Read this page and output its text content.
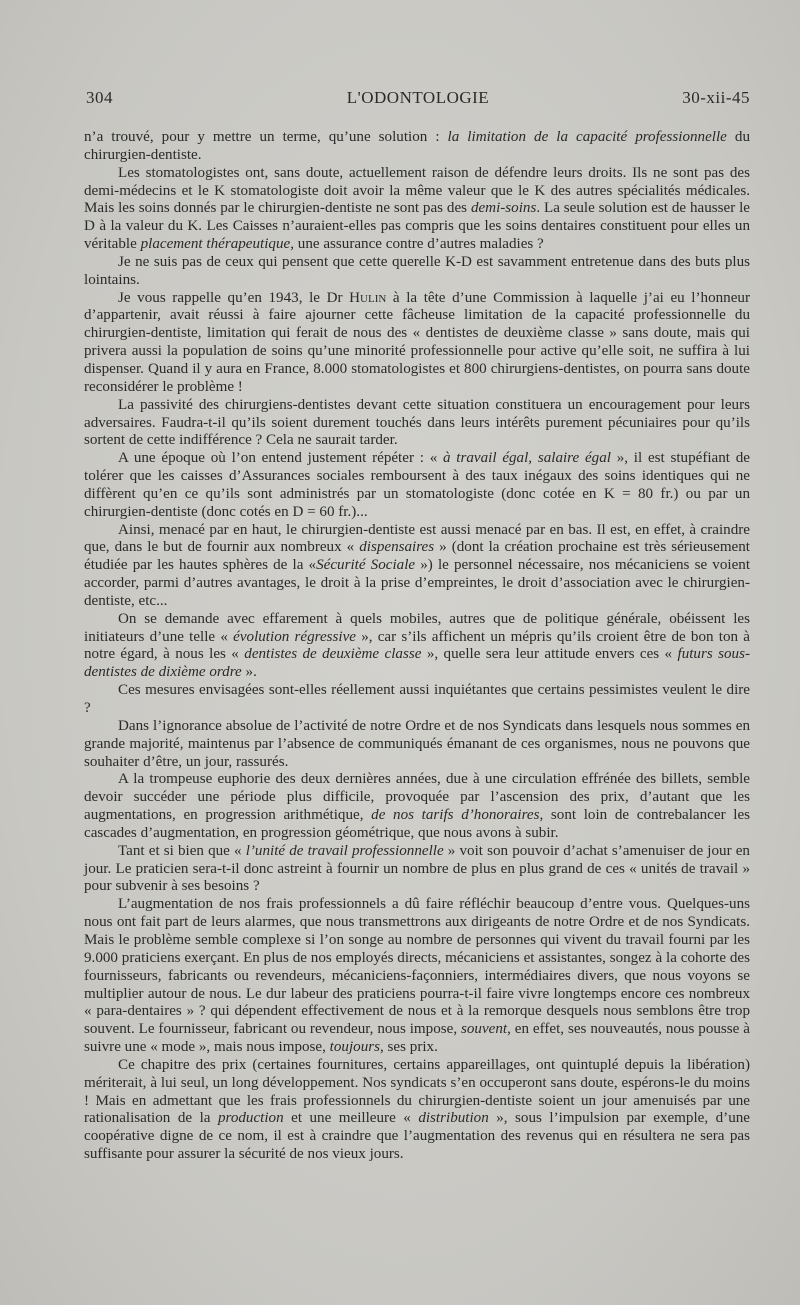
304	L'ODONTOLOGIE	30-xii-45

n’a trouvé, pour y mettre un terme, qu’une solution : la limitation de la capacité professionnelle du chirurgien-dentiste.

Les stomatologistes ont, sans doute, actuellement raison de défendre leurs droits. Ils ne sont pas des demi-médecins et le K stomatologiste doit avoir la même valeur que le K des autres spécialités médicales. Mais les soins donnés par le chirurgien-dentiste ne sont pas des demi-soins. La seule solution est de hausser le D à la valeur du K. Les Caisses n’auraient-elles pas compris que les soins dentaires constituent pour elles un véritable placement thérapeutique, une assurance contre d’autres maladies ?

Je ne suis pas de ceux qui pensent que cette querelle K-D est savamment entretenue dans des buts plus lointains.

Je vous rappelle qu’en 1943, le Dr Hulin à la tête d’une Commission à laquelle j’ai eu l’honneur d’appartenir, avait réussi à faire ajourner cette fâcheuse limitation de la capacité professionnelle du chirurgien-dentiste, limitation qui ferait de nous des « dentistes de deuxième classe » sans doute, mais qui privera aussi la population de soins qu’une minorité professionnelle pour active qu’elle soit, ne suffira à lui dispenser. Quand il y aura en France, 8.000 stomatologistes et 800 chirurgiens-dentistes, on pourra sans doute reconsidérer le problème !

La passivité des chirurgiens-dentistes devant cette situation constituera un encouragement pour leurs adversaires. Faudra-t-il qu’ils soient durement touchés dans leurs intérêts purement pécuniaires pour qu’ils sortent de cette indifférence ? Cela ne saurait tarder.

A une époque où l’on entend justement répéter : « à travail égal, salaire égal », il est stupéfiant de tolérer que les caisses d’Assurances sociales remboursent à des taux inégaux des soins identiques qui ne diffèrent qu’en ce qu’ils sont administrés par un stomatologiste (donc cotée en K = 80 fr.) ou par un chirurgien-dentiste (donc cotés en D = 60 fr.)...

Ainsi, menacé par en haut, le chirurgien-dentiste est aussi menacé par en bas. Il est, en effet, à craindre que, dans le but de fournir aux nombreux « dispensaires » (dont la création prochaine est très sérieusement étudiée par les hautes sphères de la «Sécurité Sociale ») le personnel nécessaire, nos mécaniciens se voient accorder, parmi d’autres avantages, le droit à la prise d’empreintes, le droit d’association avec le chirurgien-dentiste, etc...

On se demande avec effarement à quels mobiles, autres que de politique générale, obéissent les initiateurs d’une telle « évolution régressive », car s’ils affichent un mépris qu’ils croient être de bon ton à notre égard, à nous les « dentistes de deuxième classe », quelle sera leur attitude envers ces « futurs sous-dentistes de dixième ordre ».

Ces mesures envisagées sont-elles réellement aussi inquiétantes que certains pessimistes veulent le dire ?

Dans l’ignorance absolue de l’activité de notre Ordre et de nos Syndicats dans lesquels nous sommes en grande majorité, maintenus par l’absence de communiqués émanant de ces organismes, nous ne pouvons que souhaiter d’être, un jour, rassurés.

A la trompeuse euphorie des deux dernières années, due à une circulation effrénée des billets, semble devoir succéder une période plus difficile, provoquée par l’ascension des prix, d’autant que les augmentations, en progression arithmétique, de nos tarifs d’honoraires, sont loin de contrebalancer les cascades d’augmentation, en progression géométrique, que nous avons à subir.

Tant et si bien que « l’unité de travail professionnelle » voit son pouvoir d’achat s’amenuiser de jour en jour. Le praticien sera-t-il donc astreint à fournir un nombre de plus en plus grand de ces « unités de travail » pour subvenir à ses besoins ?

L’augmentation de nos frais professionnels a dû faire réfléchir beaucoup d’entre vous. Quelques-uns nous ont fait part de leurs alarmes, que nous transmettrons aux dirigeants de notre Ordre et de nos Syndicats. Mais le problème semble complexe si l’on songe au nombre de personnes qui vivent du travail fourni par les 9.000 praticiens exerçant. En plus de nos employés directs, mécaniciens et assistantes, songez à la cohorte des fournisseurs, fabricants ou revendeurs, mécaniciens-façonniers, intermédiaires divers, que nous voyons se multiplier autour de nous. Le dur labeur des praticiens pourra-t-il faire vivre longtemps encore ces nombreux « para-dentaires » ? qui dépendent effectivement de nous et à la remorque desquels nous semblons être trop souvent. Le fournisseur, fabricant ou revendeur, nous impose, souvent, en effet, ses nouveautés, nous pousse à suivre une « mode », mais nous impose, toujours, ses prix.

Ce chapitre des prix (certaines fournitures, certains appareillages, ont quintuplé depuis la libération) mériterait, à lui seul, un long développement. Nos syndicats s’en occuperont sans doute, espérons-le du moins ! Mais en admettant que les frais professionnels du chirurgien-dentiste soient un jour amenuisés par une rationalisation de la production et une meilleure « distribution », sous l’impulsion par exemple, d’une coopérative digne de ce nom, il est à craindre que l’augmentation des revenus qui en résultera ne sera pas suffisante pour assurer la sécurité de nos vieux jours.
